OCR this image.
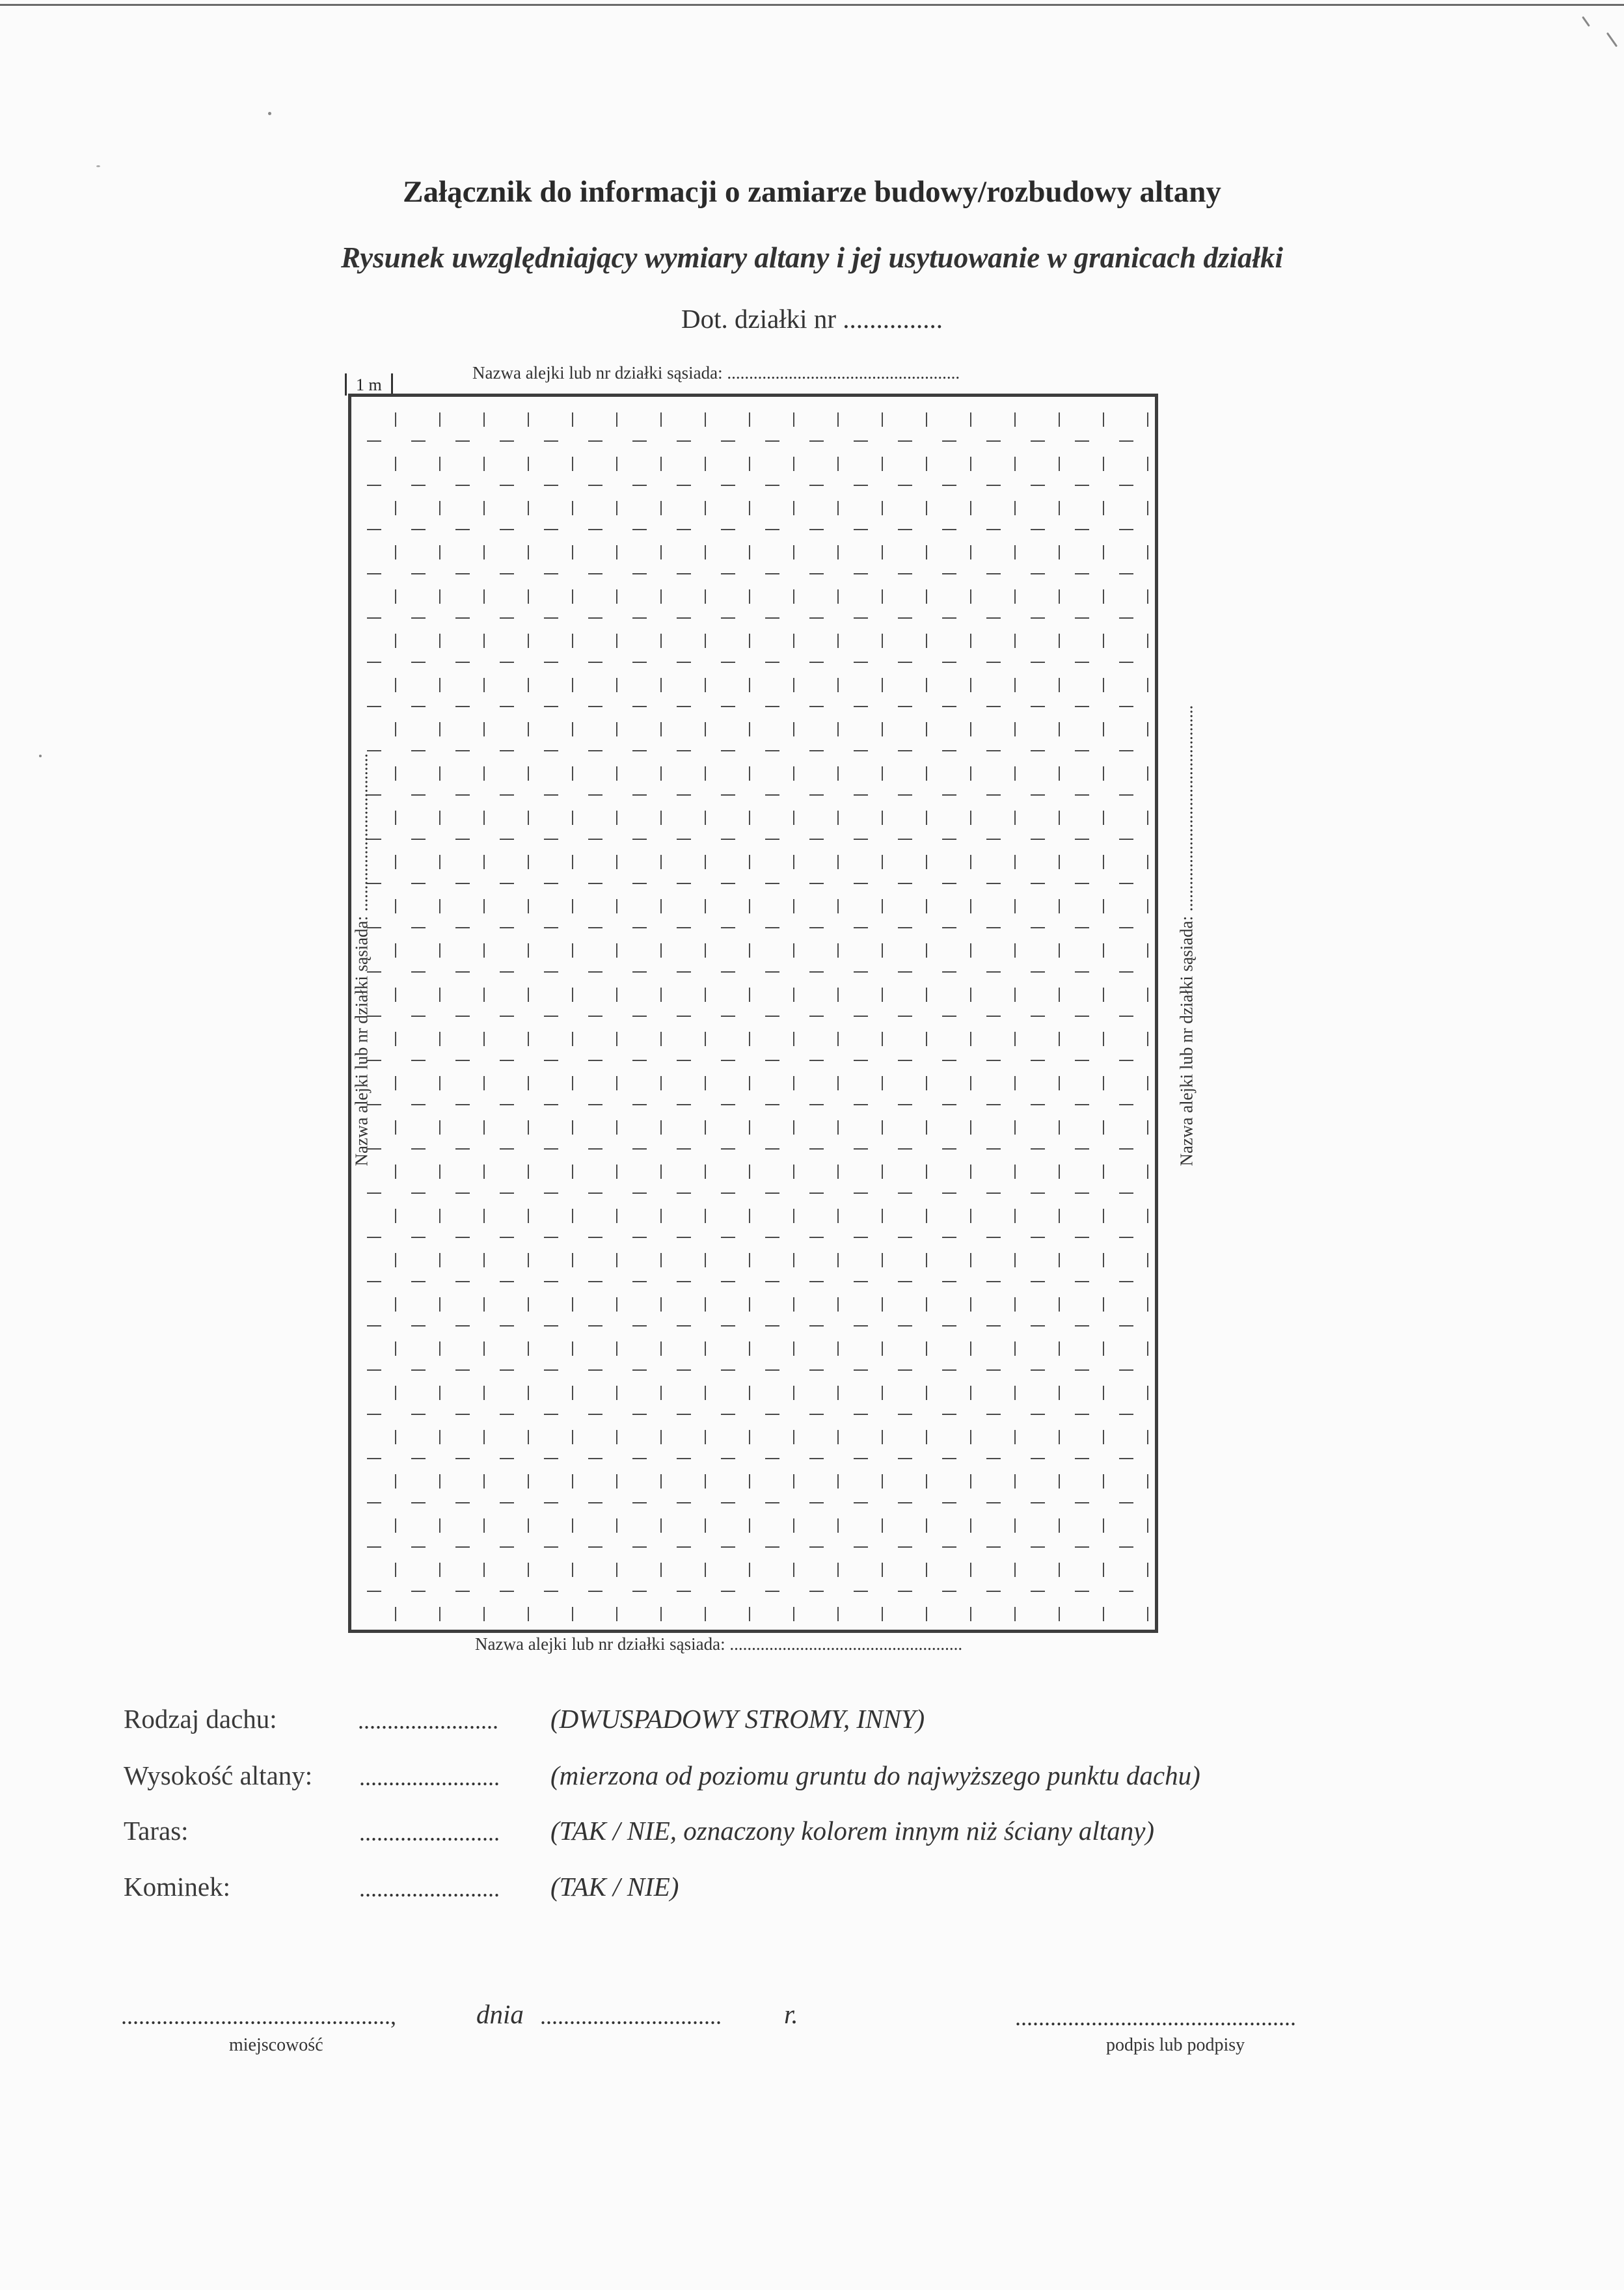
Załącznik do informacji o zamiarze budowy/rozbudowy altany
Rysunek uwzględniający wymiary altany i jej usytuowanie w granicach działki
Dot. działki nr ...............
1 m
Nazwa alejki lub nr działki sąsiada: .....................................................
Nazwa alejki lub nr działki sąsiada: ....................................	Nazwa alejki lub nr działki sąsiada: ...............................................
Nazwa alejki lub nr działki sąsiada: .....................................................
Rodzaj dachu:	........................ (DWUSPADOWY STROMY, INNY)
Wysokość altany: ........................ (mierzona od poziomu gruntu do najwyższego punktu dachu)
Taras:	........................ (TAK / NIE, oznaczony kolorem innym niż ściany altany)
Kominek:	........................ (TAK / NIE)
..............................................,	dnia ............................... r.
miejscowość
................................................
podpis lub podpisy
